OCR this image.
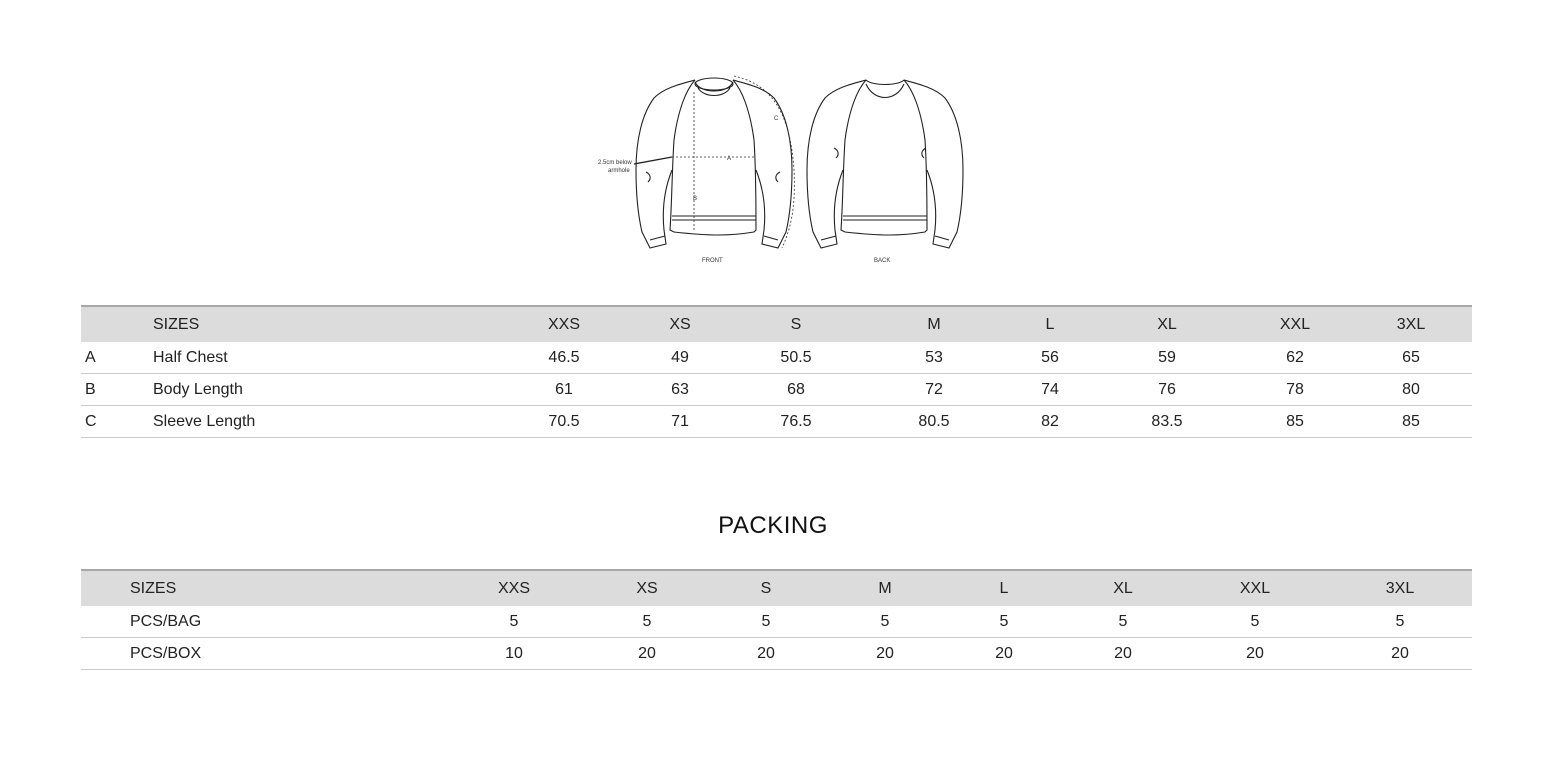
2.5cm below
armhole
A
B
C
FRONT	BACK
SIZES	XXS	XS	S	M	L	XL	XXL	3XL
A	Half Chest	46.5	49	50.5	53	56	59	62	65
B	Body Length	61	63	68	72	74	76	78	80
C	Sleeve Length	70.5	71	76.5	80.5	82	83.5	85	85
PACKING
SIZES	XXS	XS	S	M	L	XL	XXL	3XL
PCS/BAG	5	5	5	5	5	5	5	5
PCS/BOX	10	20	20	20	20	20	20	20
